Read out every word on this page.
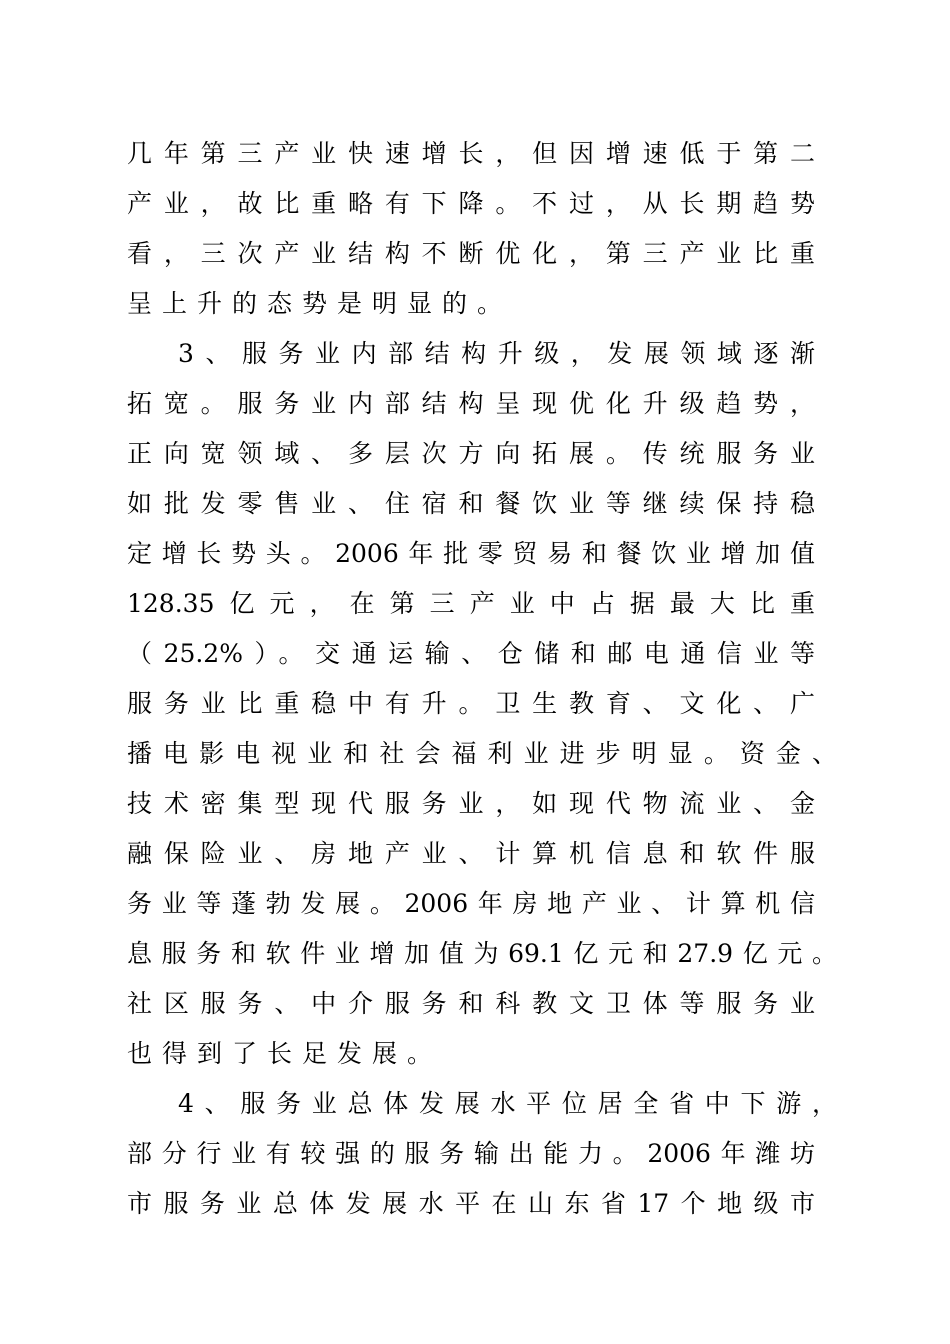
几年第三产业快速增长，但因增速低于第二
产业，故比重略有下降。不过，从长期趋势
看，三次产业结构不断优化，第三产业比重
呈上升的态势是明显的。
3、服务业内部结构升级，发展领域逐渐
拓宽。服务业内部结构呈现优化升级趋势，
正向宽领域、多层次方向拓展。传统服务业
如批发零售业、住宿和餐饮业等继续保持稳
定增长势头。2006年批零贸易和餐饮业增加值
128.35亿元，在第三产业中占据最大比重
（25.2%）。交通运输、仓储和邮电通信业等
服务业比重稳中有升。卫生教育、文化、广
播电影电视业和社会福利业进步明显。资金、
技术密集型现代服务业，如现代物流业、金
融保险业、房地产业、计算机信息和软件服
务业等蓬勃发展。2006年房地产业、计算机信
息服务和软件业增加值为69.1亿元和27.9亿元。
社区服务、中介服务和科教文卫体等服务业
也得到了长足发展。
4、服务业总体发展水平位居全省中下游，
部分行业有较强的服务输出能力。2006年潍坊
市服务业总体发展水平在山东省17个地级市
